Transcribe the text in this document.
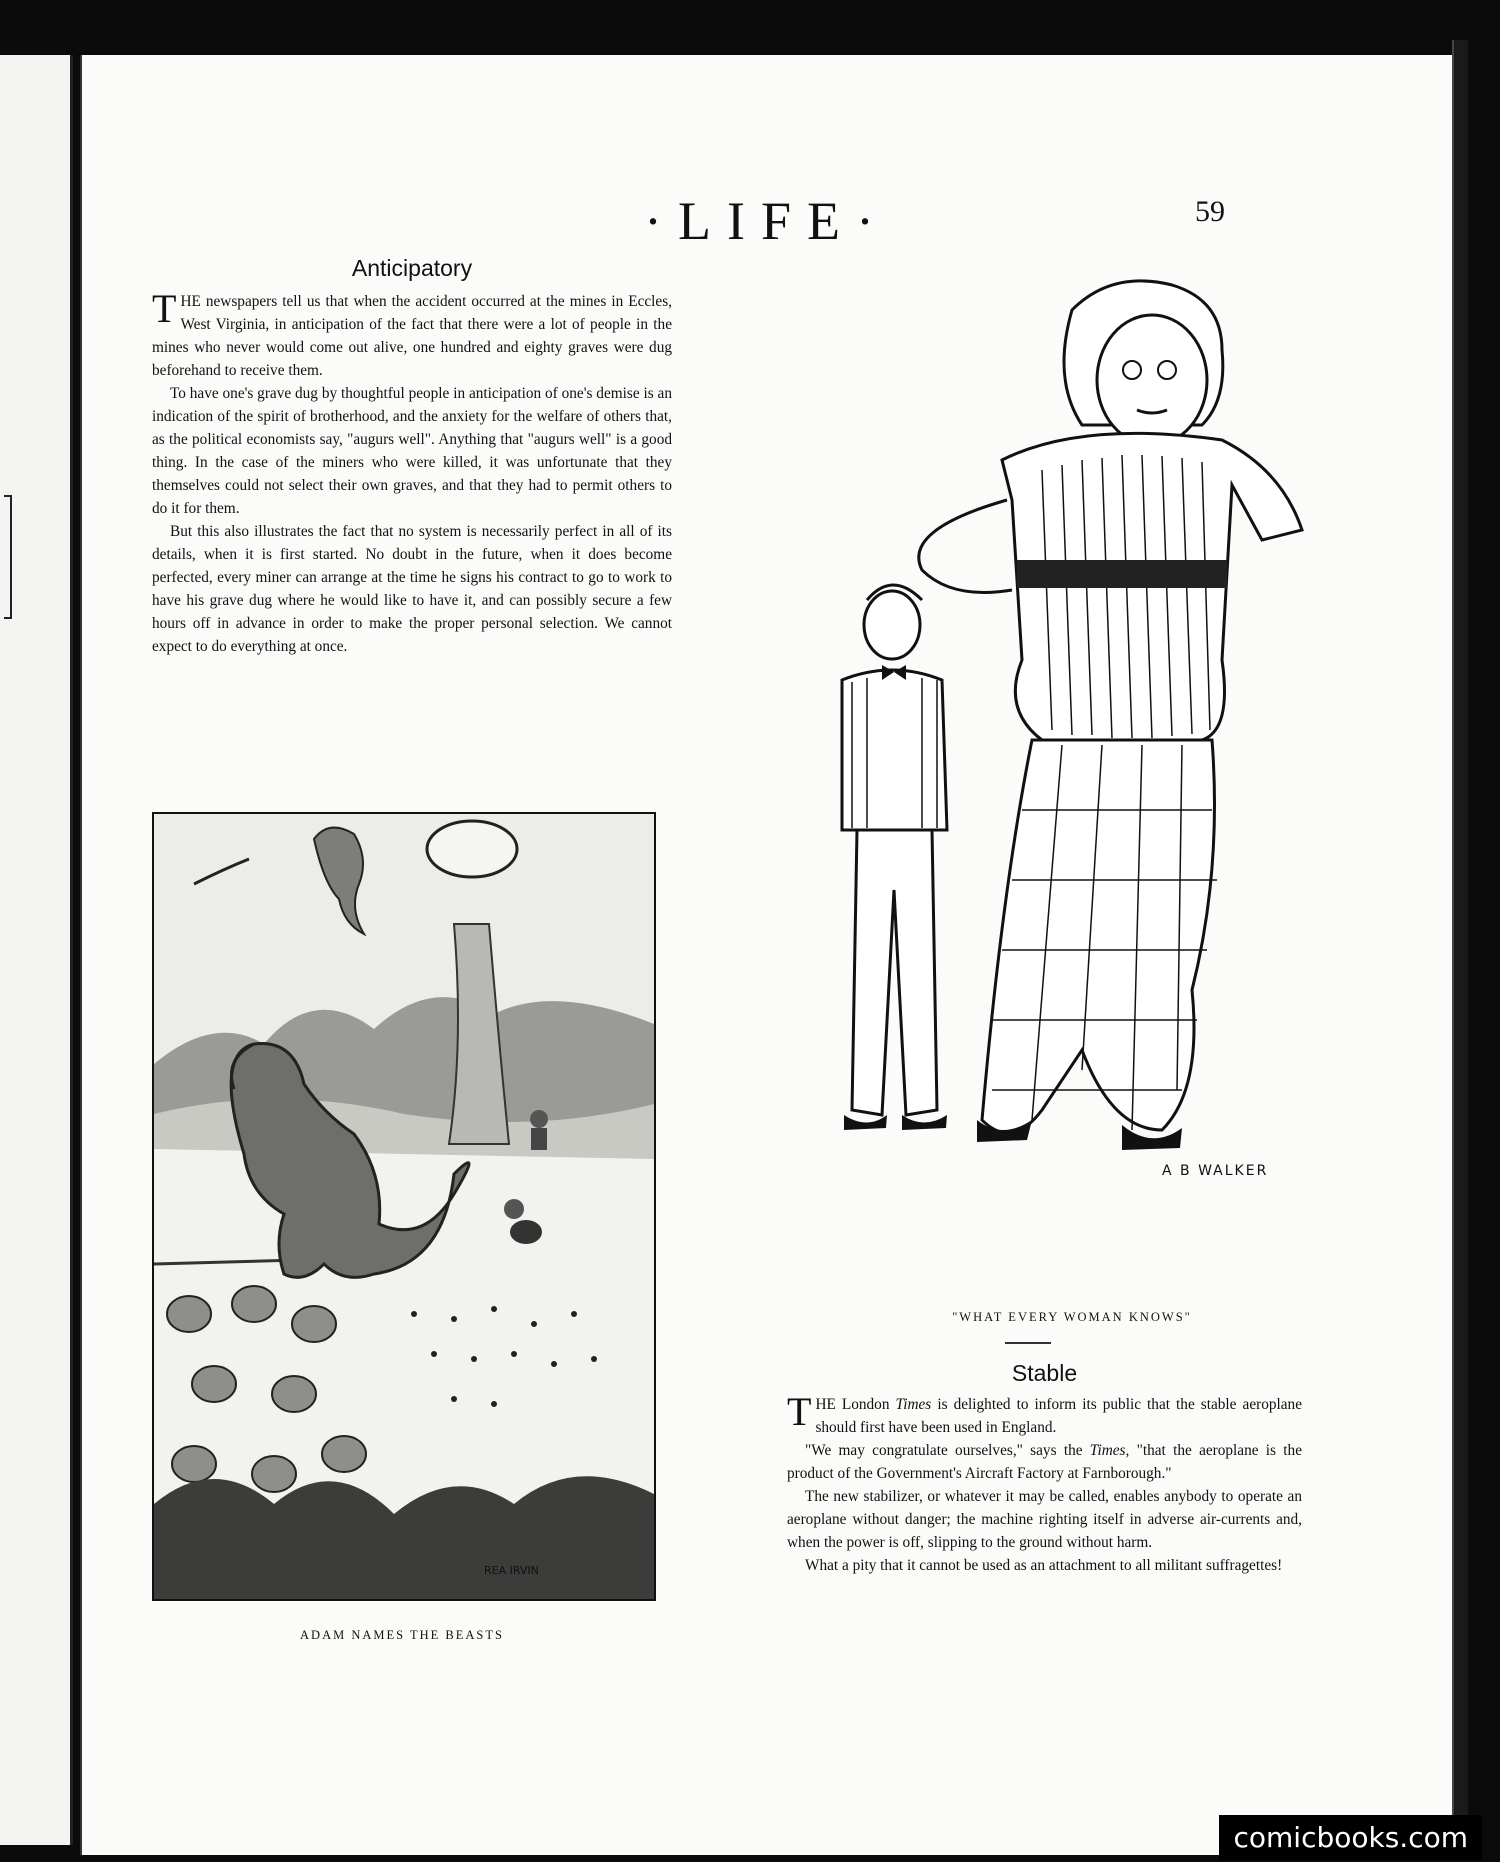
·LIFE·	59
Anticipatory

THE newspapers tell us that when the accident occurred at the mines in Eccles, West Virginia, in anticipation of the fact that there were a lot of people in the mines who never would come out alive, one hundred and eighty graves were dug beforehand to receive them.

To have one's grave dug by thoughtful people in anticipation of one's demise is an indication of the spirit of brotherhood, and the anxiety for the welfare of others that, as the political economists say, "augurs well". Anything that "augurs well" is a good thing. In the case of the miners who were killed, it was unfortunate that they themselves could not select their own graves, and that they had to permit others to do it for them.

But this also illustrates the fact that no system is necessarily perfect in all of its details, when it is first started. No doubt in the future, when it does become perfected, every miner can arrange at the time he signs his contract to go to work to have his grave dug where he would like to have it, and can possibly secure a few hours off in advance in order to make the proper personal selection. We cannot expect to do everything at once.

REA IRVIN
ADAM NAMES THE BEASTS
A B WALKER
"WHAT EVERY WOMAN KNOWS"
Stable

THE London Times is delighted to inform its public that the stable aeroplane should first have been used in England.

"We may congratulate ourselves," says the Times, "that the aeroplane is the product of the Government's Aircraft Factory at Farnborough."

The new stabilizer, or whatever it may be called, enables anybody to operate an aeroplane without danger; the machine righting itself in adverse air-currents and, when the power is off, slipping to the ground without harm.

What a pity that it cannot be used as an attachment to all militant suffragettes!

comicbooks.com
